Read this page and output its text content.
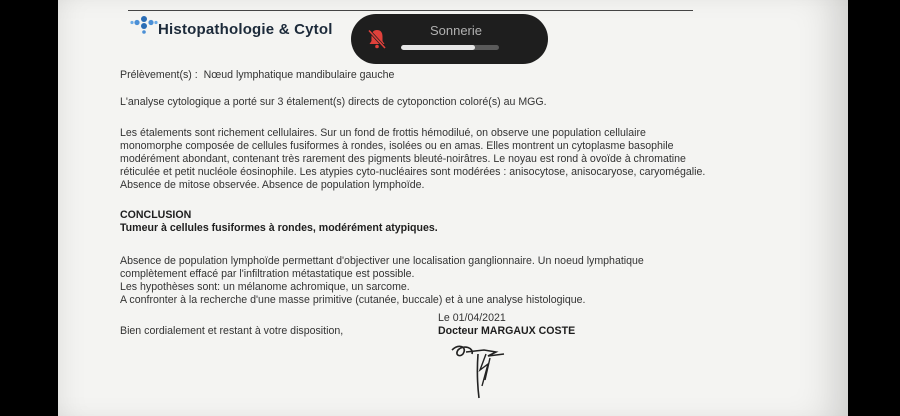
Histopathologie & Cytol
Prélèvement(s) : Nœud lymphatique mandibulaire gauche
L'analyse cytologique a porté sur 3 étalement(s) directs de cytoponction coloré(s) au MGG.
Les étalements sont richement cellulaires. Sur un fond de frottis hémodilué, on observe une population cellulaire
monomorphe composée de cellules fusiformes à rondes, isolées ou en amas. Elles montrent un cytoplasme basophile
modérément abondant, contenant très rarement des pigments bleuté-noirâtres. Le noyau est rond à ovoïde à chromatine
réticulée et petit nucléole éosinophile. Les atypies cyto-nucléaires sont modérées : anisocytose, anisocaryose, caryomégalie.
Absence de mitose observée. Absence de population lymphoïde.
CONCLUSION
Tumeur à cellules fusiformes à rondes, modérément atypiques.
Absence de population lymphoïde permettant d'objectiver une localisation ganglionnaire. Un noeud lymphatique
complètement effacé par l'infiltration métastatique est possible.
Les hypothèses sont: un mélanome achromique, un sarcome.
A confronter à la recherche d'une masse primitive (cutanée, buccale) et à une analyse histologique.
Le 01/04/2021
Bien cordialement et restant à votre disposition,	Docteur MARGAUX COSTE
Sonnerie
